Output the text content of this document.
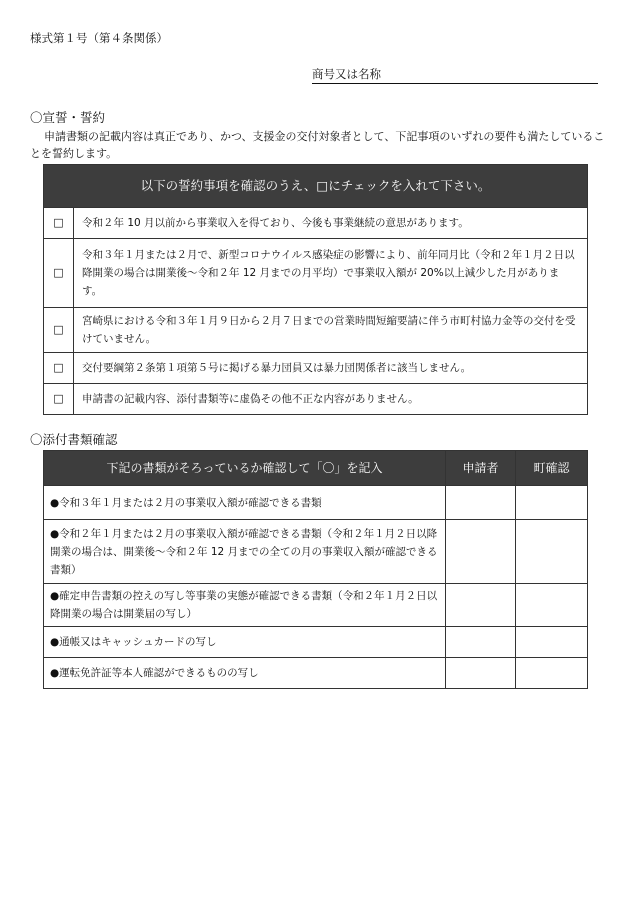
様式第１号（第４条関係）
商号又は名称
〇宣誓・誓約
申請書類の記載内容は真正であり、かつ、支援金の交付対象者として、下記事項のいずれの要件も満たしていることを誓約します。
以下の誓約事項を確認のうえ、□にチェックを入れて下さい。	
□	令和２年 10 月以前から事業収入を得ており、今後も事業継続の意思があります。
□	令和３年１月または２月で、新型コロナウイルス感染症の影響により、前年同月比（令和２年１月２日以降開業の場合は開業後～令和２年 12 月までの月平均）で事業収入額が 20%以上減少した月があります。
□	宮崎県における令和３年１月９日から２月７日までの営業時間短縮要請に伴う市町村協力金等の交付を受けていません。
□	交付要綱第２条第１項第５号に掲げる暴力団員又は暴力団関係者に該当しません。
□	申請書の記載内容、添付書類等に虚偽その他不正な内容がありません。
〇添付書類確認
下記の書類がそろっているか確認して「〇」を記入	申請者	町確認
●令和３年１月または２月の事業収入額が確認できる書類		
●令和２年１月または２月の事業収入額が確認できる書類（令和２年１月２日以降開業の場合は、開業後～令和２年 12 月までの全ての月の事業収入額が確認できる書類）		
●確定申告書類の控えの写し等事業の実態が確認できる書類（令和２年１月２日以降開業の場合は開業届の写し）		
●通帳又はキャッシュカードの写し		
●運転免許証等本人確認ができるものの写し		
